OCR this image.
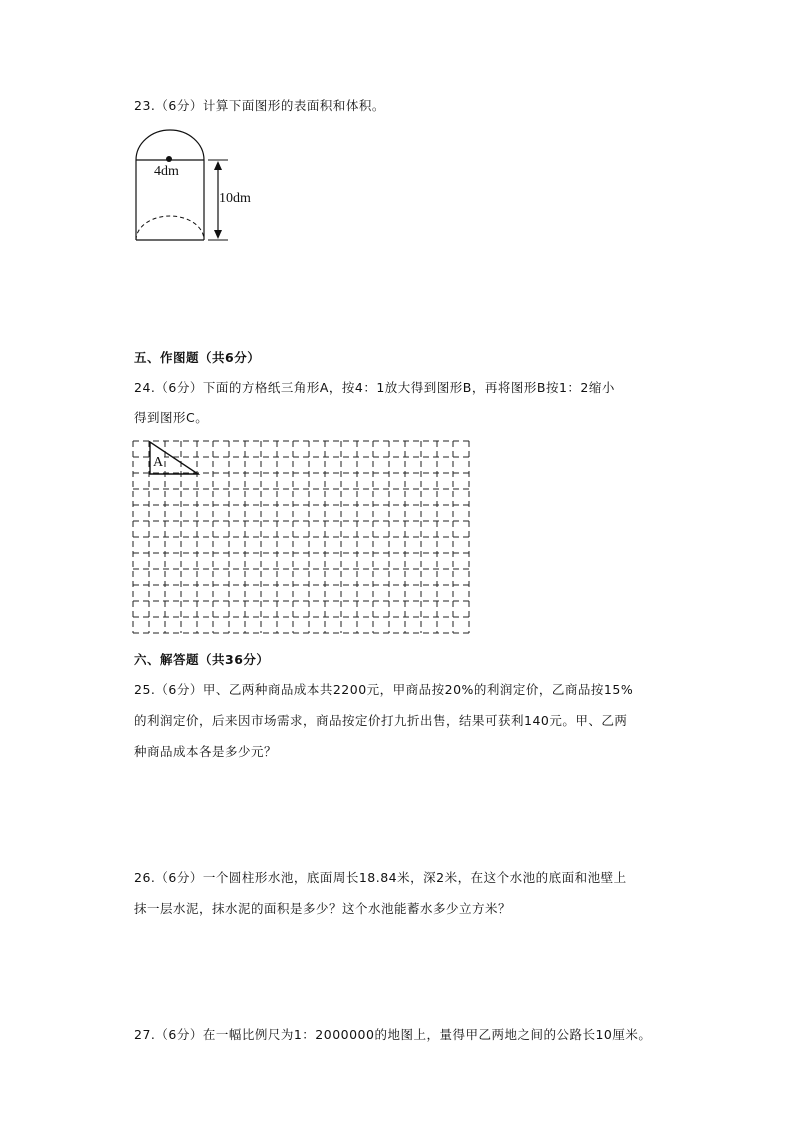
23.（6分）计算下面图形的表面积和体积。
4dm
10dm
五、作图题（共6分）
24.（6分）下面的方格纸三角形A，按4：1放大得到图形B，再将图形B按1：2缩小
得到图形C。
A
六、解答题（共36分）
25.（6分）甲、乙两种商品成本共2200元，甲商品按20%的利润定价，乙商品按15%
的利润定价，后来因市场需求，商品按定价打九折出售，结果可获利140元。甲、乙两
种商品成本各是多少元？
26.（6分）一个圆柱形水池，底面周长18.84米，深2米，在这个水池的底面和池壁上
抹一层水泥，抹水泥的面积是多少？这个水池能蓄水多少立方米？
27.（6分）在一幅比例尺为1：2000000的地图上，量得甲乙两地之间的公路长10厘米。
